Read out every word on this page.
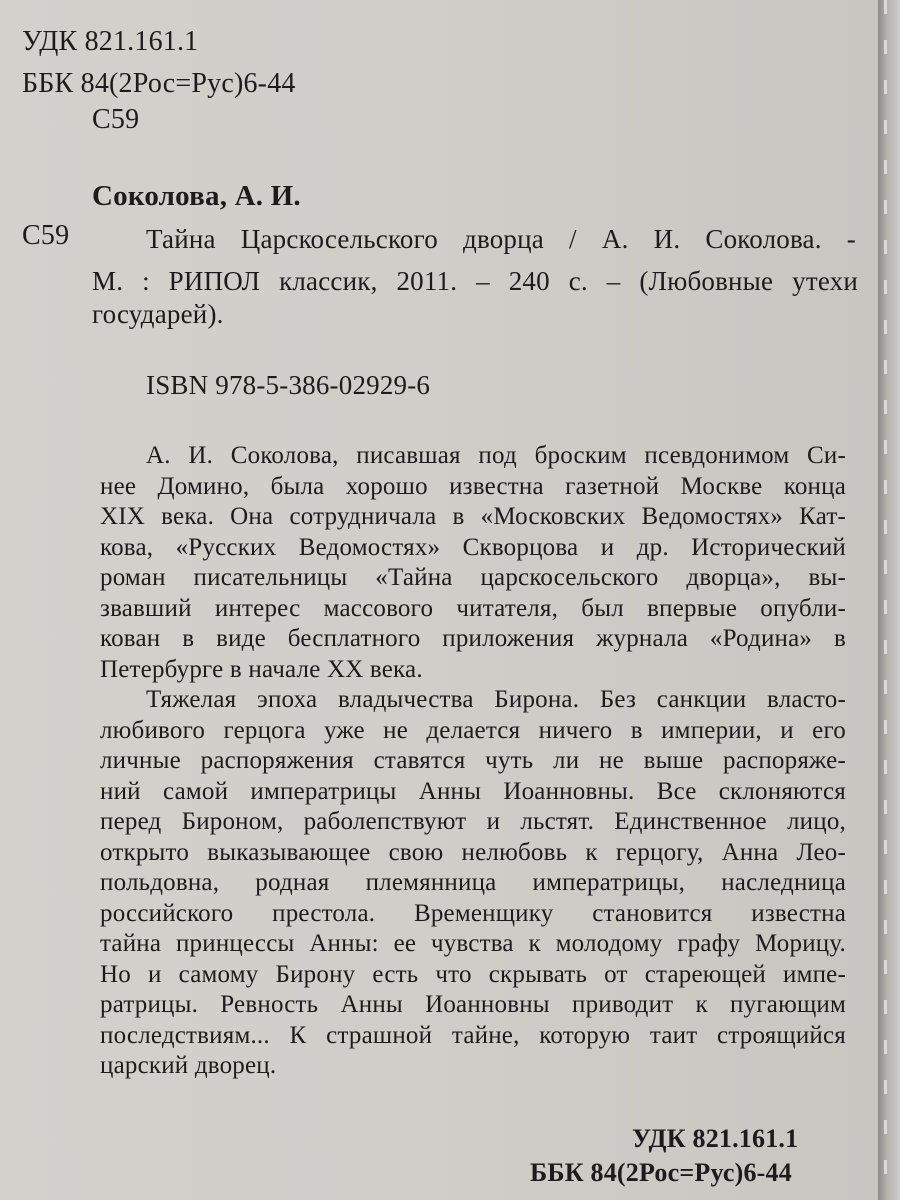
УДК 821.161.1
ББК 84(2Рос=Рус)6-44
С59
Соколова, А. И.
С59	Тайна Царскосельского дворца / А. И. Соколова. -
М. : РИПОЛ классик, 2011. – 240 с. – (Любовные утехи
государей).
ISBN 978-5-386-02929-6
А. И. Соколова, писавшая под броским псевдонимом Си-
нее Домино, была хорошо известна газетной Москве конца
XIX века. Она сотрудничала в «Московских Ведомостях» Кат-
кова, «Русских Ведомостях» Скворцова и др. Исторический
роман писательницы «Тайна царскосельского дворца», вы-
звавший интерес массового читателя, был впервые опубли-
кован в виде бесплатного приложения журнала «Родина» в
Петербурге в начале XX века.
Тяжелая эпоха владычества Бирона. Без санкции власто-
любивого герцога уже не делается ничего в империи, и его
личные распоряжения ставятся чуть ли не выше распоряже-
ний самой императрицы Анны Иоанновны. Все склоняются
перед Бироном, раболепствуют и льстят. Единственное лицо,
открыто выказывающее свою нелюбовь к герцогу, Анна Лео-
польдовна, родная племянница императрицы, наследница
российского престола. Временщику становится известна
тайна принцессы Анны: ее чувства к молодому графу Морицу.
Но и самому Бирону есть что скрывать от стареющей импе-
ратрицы. Ревность Анны Иоанновны приводит к пугающим
последствиям... К страшной тайне, которую таит строящийся
царский дворец.
УДК 821.161.1
ББК 84(2Рос=Рус)6-44
